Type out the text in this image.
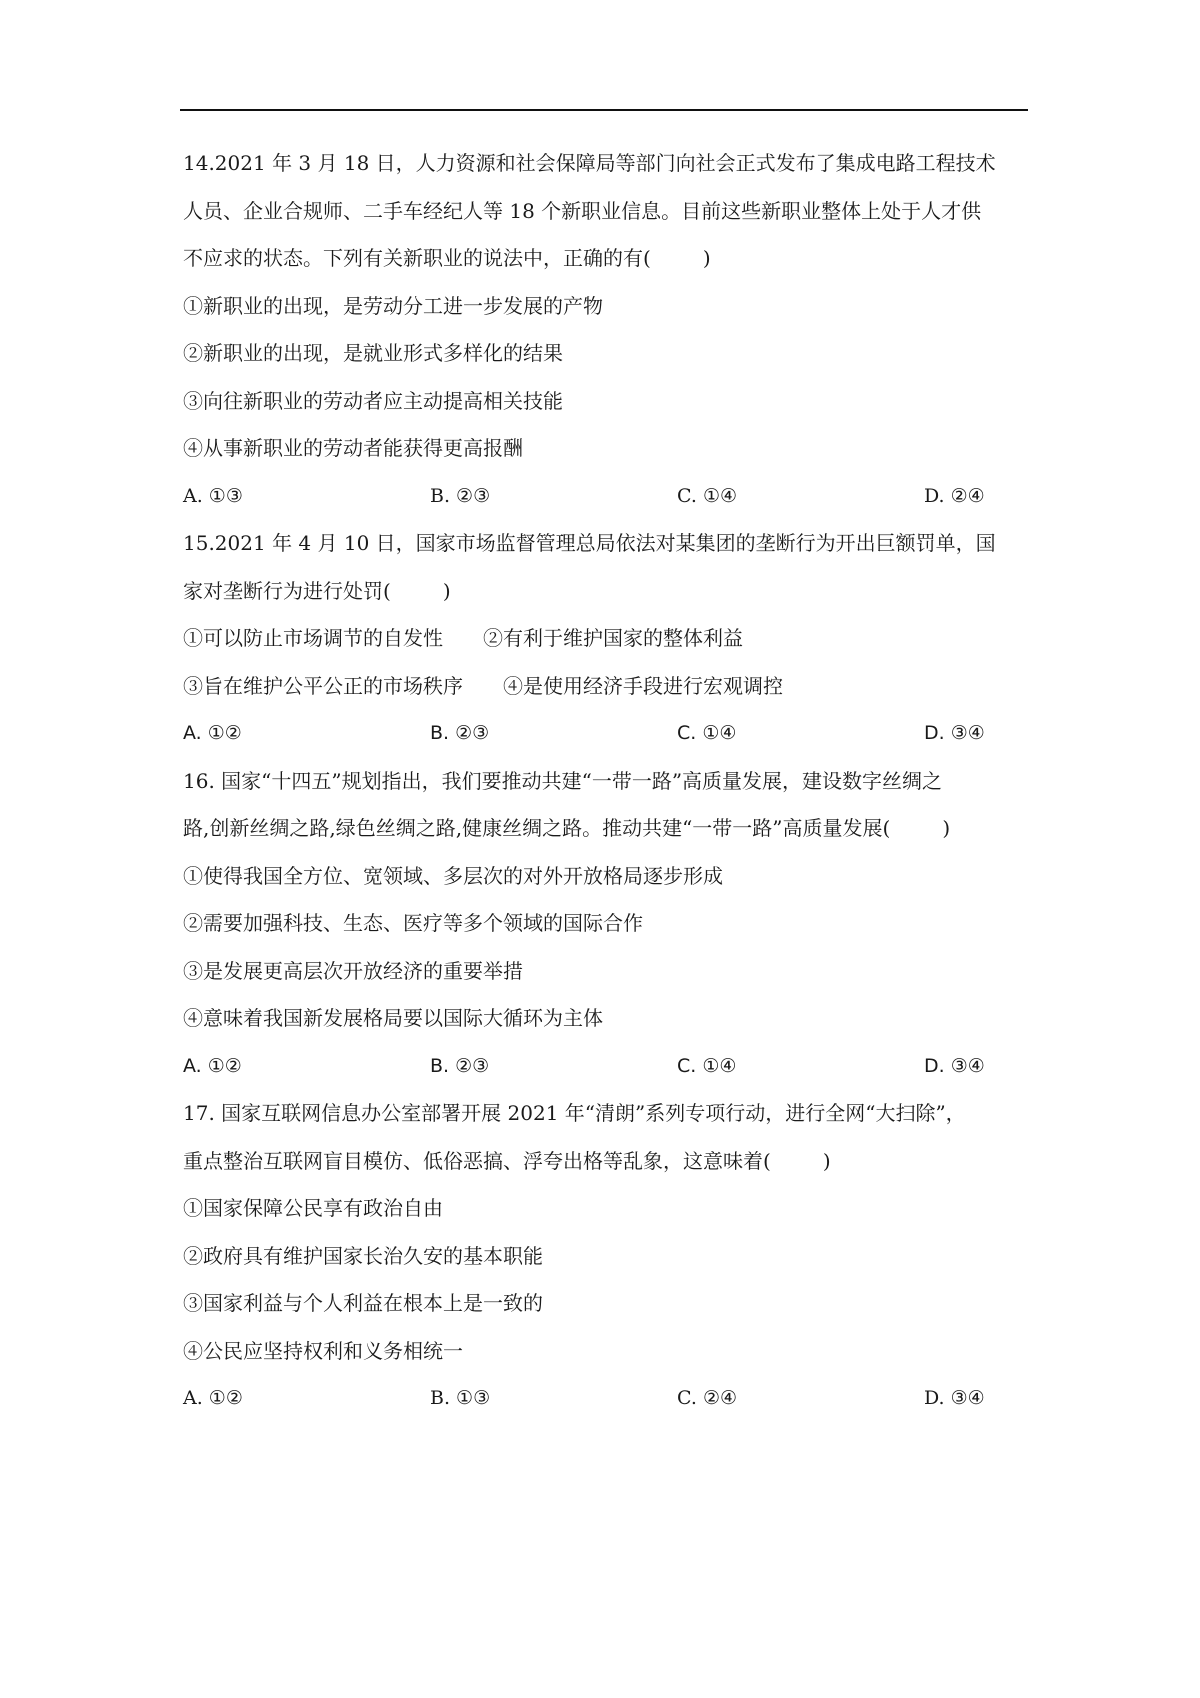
14.2021 年 3 月 18 日，人力资源和社会保障局等部门向社会正式发布了集成电路工程技术
人员、企业合规师、二手车经纪人等 18 个新职业信息。目前这些新职业整体上处于人才供
不应求的状态。下列有关新职业的说法中，正确的有(	)
①新职业的出现，是劳动分工进一步发展的产物
②新职业的出现，是就业形式多样化的结果
③向往新职业的劳动者应主动提高相关技能
④从事新职业的劳动者能获得更高报酬
A. ①③	B. ②③	C. ①④	D. ②④
15.2021 年 4 月 10 日，国家市场监督管理总局依法对某集团的垄断行为开出巨额罚单，国
家对垄断行为进行处罚(	)
①可以防止市场调节的自发性 ②有利于维护国家的整体利益
③旨在维护公平公正的市场秩序 ④是使用经济手段进行宏观调控
A. ①②	B. ②③	C. ①④	D. ③④
16. 国家“十四五”规划指出，我们要推动共建“一带一路”高质量发展，建设数字丝绸之
路,创新丝绸之路,绿色丝绸之路,健康丝绸之路。推动共建“一带一路”高质量发展(	)
①使得我国全方位、宽领域、多层次的对外开放格局逐步形成
②需要加强科技、生态、医疗等多个领域的国际合作
③是发展更高层次开放经济的重要举措
④意味着我国新发展格局要以国际大循环为主体
A. ①②	B. ②③	C. ①④	D. ③④
17. 国家互联网信息办公室部署开展 2021 年“清朗”系列专项行动，进行全网“大扫除”，
重点整治互联网盲目模仿、低俗恶搞、浮夸出格等乱象，这意味着(	)
①国家保障公民享有政治自由
②政府具有维护国家长治久安的基本职能
③国家利益与个人利益在根本上是一致的
④公民应坚持权利和义务相统一
A. ①②	B. ①③	C. ②④	D. ③④
